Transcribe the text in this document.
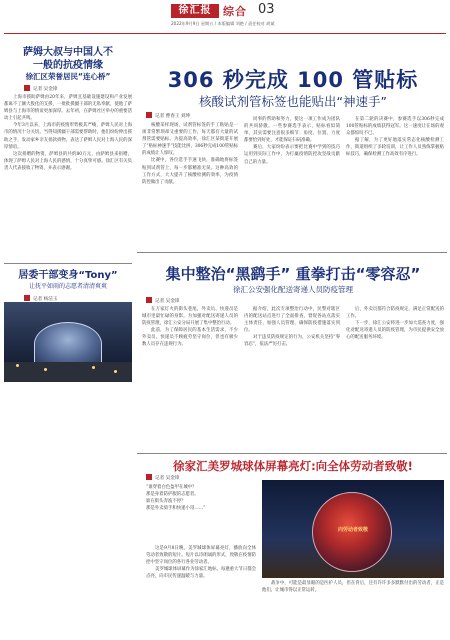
徐汇报	综合 03
2022年9月9日 星期五 / 本版编辑 刘艳 / 责任校对 胡斌
萨姆大叔与中国人不
一般的抗疫情缘
徐汇区荣誉居民“连心桥”
记者 吴金锋

上海市援助萨姆由20年来，萨姆且基础设施建设和产业发展都离不了颠大股化的支援，一批批援疆干部的无私奉献，使他了萨姆县与上海市的情谊更加深厚。去年初，在萨姆社区举办的重要活动上引起共鸣。

今年3月以来，上海市的疫情形势极其严峻，萨姆人民对上海市的情况十分关切。当得知援疆干部需要帮助时，他们纷纷伸出援助之手，发动家乡亲友捐款捐物，表达了萨姆人民对上海人民的深厚情谊。

这次捐赠的物资，萨姆县的共约80万元，由萨姆县来捐赠，体现了萨姆人民对上海人民的感情，十分真挚可感。徐汇区有关负责人代表接收了物资，并表示感谢。

居委干部变身“Tony”
让抚平如雨的志愿者清清爽爽
记者 杨洁玉

306 秒完成 100 管贴标
核酸试剂管标签也能贴出“神速手”
记者 曹春王 刘坤

核酸采样现场，试剂管标签的手工粘贴是一项非常繁琐却又重要的工作，每天都有大量的试剂管需要贴标。为提高效率，徐汇区某街道开展了“贴标神速手”技能比拼，306秒完成100管贴标的成绩让人惊叹。

比赛中，各位选手手速飞快，准确地将标签贴到试剂管上，每一步都精准无误。这种高效的工作方式，大大提升了核酸检测的效率，为疫情防控做出了贡献。

同事的帮助和努力，使这一项工作成为团队的共同骄傲。一些参赛选手表示，贴标看似简单，其实需要注意很多细节：角度、位置、力度都要恰到好处，才能保证扫码准确。

赛后，大家纷纷表示要把比赛中学到的技巧运用到实际工作中，为打赢疫情防控攻坚战贡献自己的力量。

在第二轮的决赛中，参赛选手以306秒完成100管贴标的成绩获得冠军。这一速度让在场的观众都惊叹不已。

据了解，为了更好地落实常态化核酸检测工作，街道组织了多轮培训，让工作人员熟练掌握贴标技巧，确保检测工作高效有序进行。

集中整治“黑鹞手” 重拳打击“零容忍”
徐汇公安强化配送寄递人员防疫管理
记者 吴金锋

在万家灯火的街头巷尾，外卖员、快递员是城市里最忙碌的身影。为加强对配送寄递人员的防疫管理，徐汇公安分局开展了集中整治行动。

此前，为了保障居民的基本生活需求，不少外卖员、快递员不顾疲劳坚守岗位，但也有极少数人员存在违规行为。

据介绍，此次专项整治行动中，民警对辖区内的配送站点进行了全面排查，督促各站点落实主体责任，加强人员管理，确保防疫措施落实到位。

对于违反防疫规定的行为，公安机关坚持“零容忍”，依法严厉打击。

后，外卖员都符合防疫规定，满足正常配送的工作。

下一步，徐汇公安将进一步加大巡查力度，强化对配送寄递人员的防疫管理，为市民提供安全放心的配送服务环境。

徐家汇美罗城球体屏幕亮灯:向全体劳动者致敬!
记者 吴金锋

“谁穿着白色盔甲在城中？

那是身着防护服的志愿者。

谁在街头奔波不停？

那是外卖骑手和快递小哥……”

这是9月8日晚，美罗城球体屏幕亮灯，播放向全体劳动者致敬的短片。短片以诗朗诵的形式，致敬在疫情防控中坚守岗位的各行各业劳动者。

美罗城球体屏幕作为徐家汇地标，每逢重大节日都会点亮，向市民传递温暖与力量。

向劳动者致敬

战争中，可能是最显眼的是医护人员，但在背后，还有许许多多默默付出的劳动者，正是他们，让城市得以正常运转。
